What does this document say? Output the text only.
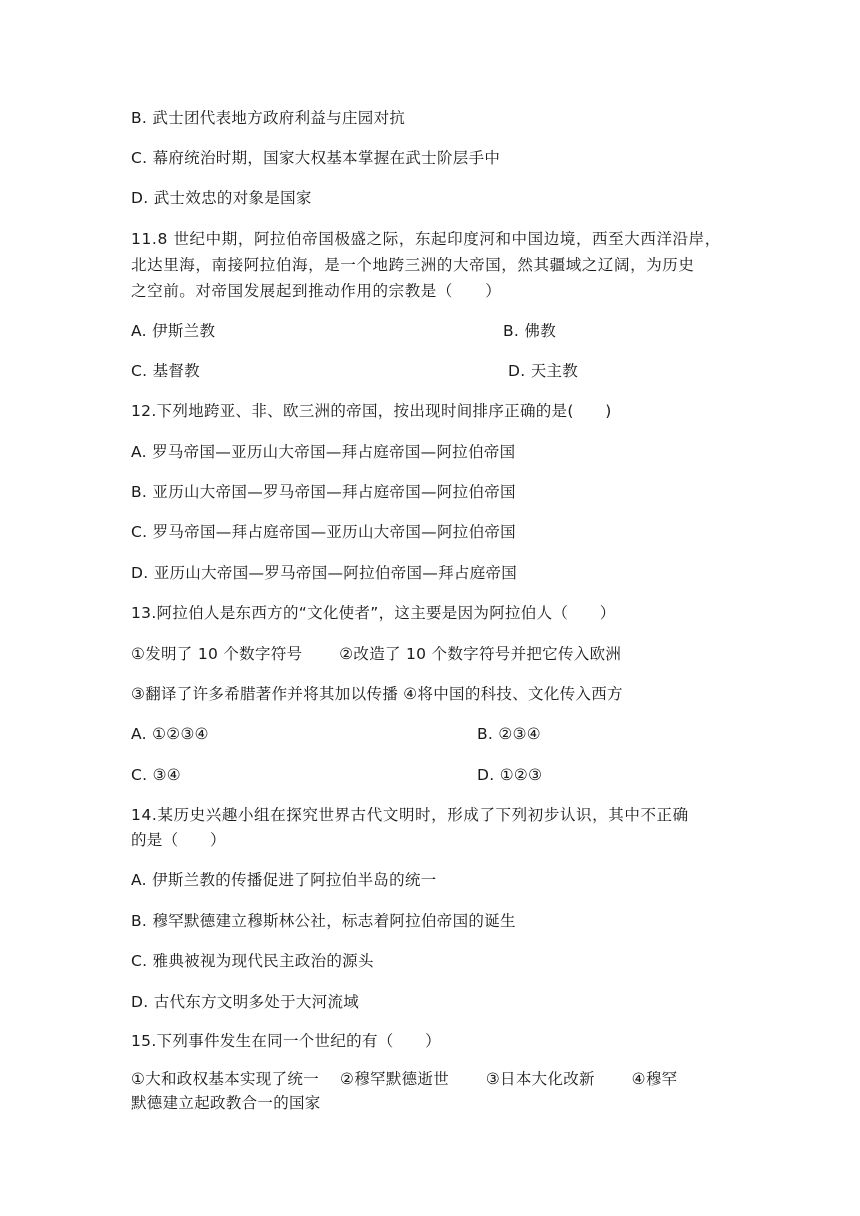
B. 武士团代表地方政府利益与庄园对抗
C. 幕府统治时期，国家大权基本掌握在武士阶层手中
D. 武士效忠的对象是国家
11.8 世纪中期，阿拉伯帝国极盛之际，东起印度河和中国边境，西至大西洋沿岸，
北达里海，南接阿拉伯海，是一个地跨三洲的大帝国，然其疆域之辽阔，为历史
之空前。对帝国发展起到推动作用的宗教是（　　）
A. 伊斯兰教	B. 佛教
C. 基督教	D. 天主教
12.下列地跨亚、非、欧三洲的帝国，按出现时间排序正确的是(　　)
A. 罗马帝国—亚历山大帝国—拜占庭帝国—阿拉伯帝国
B. 亚历山大帝国—罗马帝国—拜占庭帝国—阿拉伯帝国
C. 罗马帝国—拜占庭帝国—亚历山大帝国—阿拉伯帝国
D. 亚历山大帝国—罗马帝国—阿拉伯帝国—拜占庭帝国
13.阿拉伯人是东西方的“文化使者”，这主要是因为阿拉伯人（　　）
①发明了 10 个数字符号　　 ②改造了 10 个数字符号并把它传入欧洲
③翻译了许多希腊著作并将其加以传播 ④将中国的科技、文化传入西方
A. ①②③④	B. ②③④
C. ③④	D. ①②③
14.某历史兴趣小组在探究世界古代文明时，形成了下列初步认识，其中不正确
的是（　　）
A. 伊斯兰教的传播促进了阿拉伯半岛的统一
B. 穆罕默德建立穆斯林公社，标志着阿拉伯帝国的诞生
C. 雅典被视为现代民主政治的源头
D. 古代东方文明多处于大河流域
15.下列事件发生在同一个世纪的有（　　）
①大和政权基本实现了统一　 ②穆罕默德逝世　　 ③日本大化改新　　 ④穆罕
默德建立起政教合一的国家
